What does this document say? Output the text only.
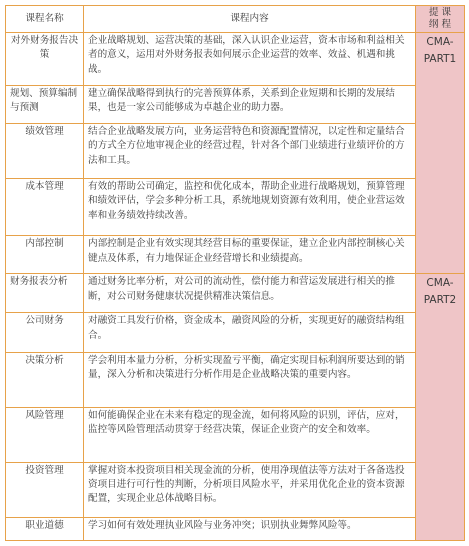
课程名称	课程内容	提 课
纲 程

对外财务报告决策	企业战略规划、运营决策的基础，深入认识企业运营，资本市场和利益相关者的意义，运用对外财务报表如何展示企业运营的效率、效益、机遇和挑战。	CMA-
PART1

规划、预算编制与预测	建立确保战略得到执行的完善预算体系，关系到企业短期和长期的发展结果，也是一家公司能够成为卓越企业的助力器。	
绩效管理	结合企业战略发展方向，业务运营特色和资源配置情况，以定性和定量结合的方式全方位地审视企业的经营过程，针对各个部门业绩进行业绩评价的方法和工具。	
成本管理	有效的帮助公司确定，监控和优化成本，帮助企业进行战略规划，预算管理和绩效评估，学会多种分析工具，系统地规划资源有效利用，使企业营运效率和业务绩效持续改善。	
内部控制	内部控制是企业有效实现其经营目标的重要保证，建立企业内部控制核心关键点及体系，有力地保证企业经营增长和业绩提高。	
财务报表分析	通过财务比率分析，对公司的流动性，偿付能力和营运发展进行相关的推断，对公司财务健康状况提供精准决策信息。	CMA-
PART2

公司财务	对融资工具发行价格，资金成本，融资风险的分析，实现更好的融资结构组合。	
决策分析	学会利用本量力分析，分析实现盈亏平衡，确定实现目标利润所要达到的销量，深入分析和决策进行分析作用是企业战略决策的重要内容。	
风险管理	如何能确保企业在未来有稳定的现金流，如何将风险的识别，评估，应对，监控等风险管理活动贯穿于经营决策，保证企业资产的安全和效率。	
投资管理	掌握对资本投资项目相关现金流的分析，使用净现值法等方法对于各备选投资项目进行可行性的判断，分析项目风险水平，并采用优化企业的资本资源配置，实现企业总体战略目标。	
职业道德	学习如何有效处理执业风险与业务冲突；识别执业舞弊风险等。	
